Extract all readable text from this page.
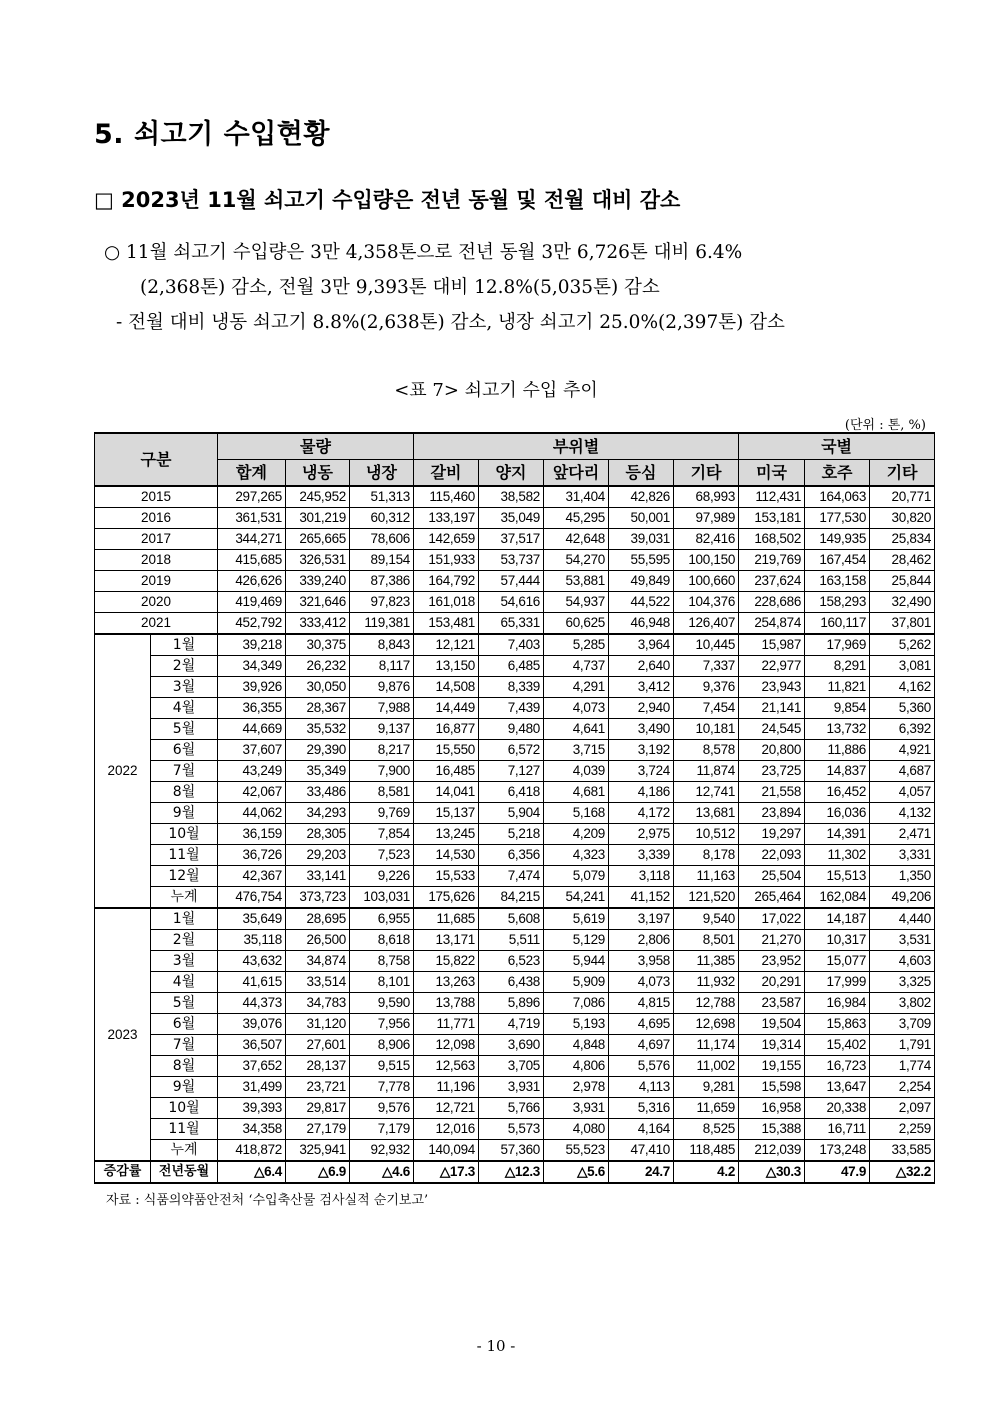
5. 쇠고기 수입현황
□ 2023년 11월 쇠고기 수입량은 전년 동월 및 전월 대비 감소
○ 11월 쇠고기 수입량은 3만 4,358톤으로 전년 동월 3만 6,726톤 대비 6.4%
(2,368톤) 감소, 전월 3만 9,393톤 대비 12.8%(5,035톤) 감소
- 전월 대비 냉동 쇠고기 8.8%(2,638톤) 감소, 냉장 쇠고기 25.0%(2,397톤) 감소
<표 7> 쇠고기 수입 추이
(단위 : 톤, %)
구분		물량			부위별					국별		
		합계	냉동	냉장	갈비	양지	앞다리	등심	기타	미국	호주	기타
2015		297,265	245,952	51,313	115,460	38,582	31,404	42,826	68,993	112,431	164,063	20,771
2016		361,531	301,219	60,312	133,197	35,049	45,295	50,001	97,989	153,181	177,530	30,820
2017		344,271	265,665	78,606	142,659	37,517	42,648	39,031	82,416	168,502	149,935	25,834
2018		415,685	326,531	89,154	151,933	53,737	54,270	55,595	100,150	219,769	167,454	28,462
2019		426,626	339,240	87,386	164,792	57,444	53,881	49,849	100,660	237,624	163,158	25,844
2020		419,469	321,646	97,823	161,018	54,616	54,937	44,522	104,376	228,686	158,293	32,490
2021		452,792	333,412	119,381	153,481	65,331	60,625	46,948	126,407	254,874	160,117	37,801
2022	1월	39,218	30,375	8,843	12,121	7,403	5,285	3,964	10,445	15,987	17,969	5,262
	2월	34,349	26,232	8,117	13,150	6,485	4,737	2,640	7,337	22,977	8,291	3,081
	3월	39,926	30,050	9,876	14,508	8,339	4,291	3,412	9,376	23,943	11,821	4,162
	4월	36,355	28,367	7,988	14,449	7,439	4,073	2,940	7,454	21,141	9,854	5,360
	5월	44,669	35,532	9,137	16,877	9,480	4,641	3,490	10,181	24,545	13,732	6,392
	6월	37,607	29,390	8,217	15,550	6,572	3,715	3,192	8,578	20,800	11,886	4,921
	7월	43,249	35,349	7,900	16,485	7,127	4,039	3,724	11,874	23,725	14,837	4,687
	8월	42,067	33,486	8,581	14,041	6,418	4,681	4,186	12,741	21,558	16,452	4,057
	9월	44,062	34,293	9,769	15,137	5,904	5,168	4,172	13,681	23,894	16,036	4,132
	10월	36,159	28,305	7,854	13,245	5,218	4,209	2,975	10,512	19,297	14,391	2,471
	11월	36,726	29,203	7,523	14,530	6,356	4,323	3,339	8,178	22,093	11,302	3,331
	12월	42,367	33,141	9,226	15,533	7,474	5,079	3,118	11,163	25,504	15,513	1,350
	누계	476,754	373,723	103,031	175,626	84,215	54,241	41,152	121,520	265,464	162,084	49,206
2023	1월	35,649	28,695	6,955	11,685	5,608	5,619	3,197	9,540	17,022	14,187	4,440
	2월	35,118	26,500	8,618	13,171	5,511	5,129	2,806	8,501	21,270	10,317	3,531
	3월	43,632	34,874	8,758	15,822	6,523	5,944	3,958	11,385	23,952	15,077	4,603
	4월	41,615	33,514	8,101	13,263	6,438	5,909	4,073	11,932	20,291	17,999	3,325
	5월	44,373	34,783	9,590	13,788	5,896	7,086	4,815	12,788	23,587	16,984	3,802
	6월	39,076	31,120	7,956	11,771	4,719	5,193	4,695	12,698	19,504	15,863	3,709
	7월	36,507	27,601	8,906	12,098	3,690	4,848	4,697	11,174	19,314	15,402	1,791
	8월	37,652	28,137	9,515	12,563	3,705	4,806	5,576	11,002	19,155	16,723	1,774
	9월	31,499	23,721	7,778	11,196	3,931	2,978	4,113	9,281	15,598	13,647	2,254
	10월	39,393	29,817	9,576	12,721	5,766	3,931	5,316	11,659	16,958	20,338	2,097
	11월	34,358	27,179	7,179	12,016	5,573	4,080	4,164	8,525	15,388	16,711	2,259
	누계	418,872	325,941	92,932	140,094	57,360	55,523	47,410	118,485	212,039	173,248	33,585
증감률	전년동월	△6.4	△6.9	△4.6	△17.3	△12.3	△5.6	24.7	4.2	△30.3	47.9	△32.2
자료 : 식품의약품안전처 ‘수입축산물 검사실적 순기보고’
- 10 -
